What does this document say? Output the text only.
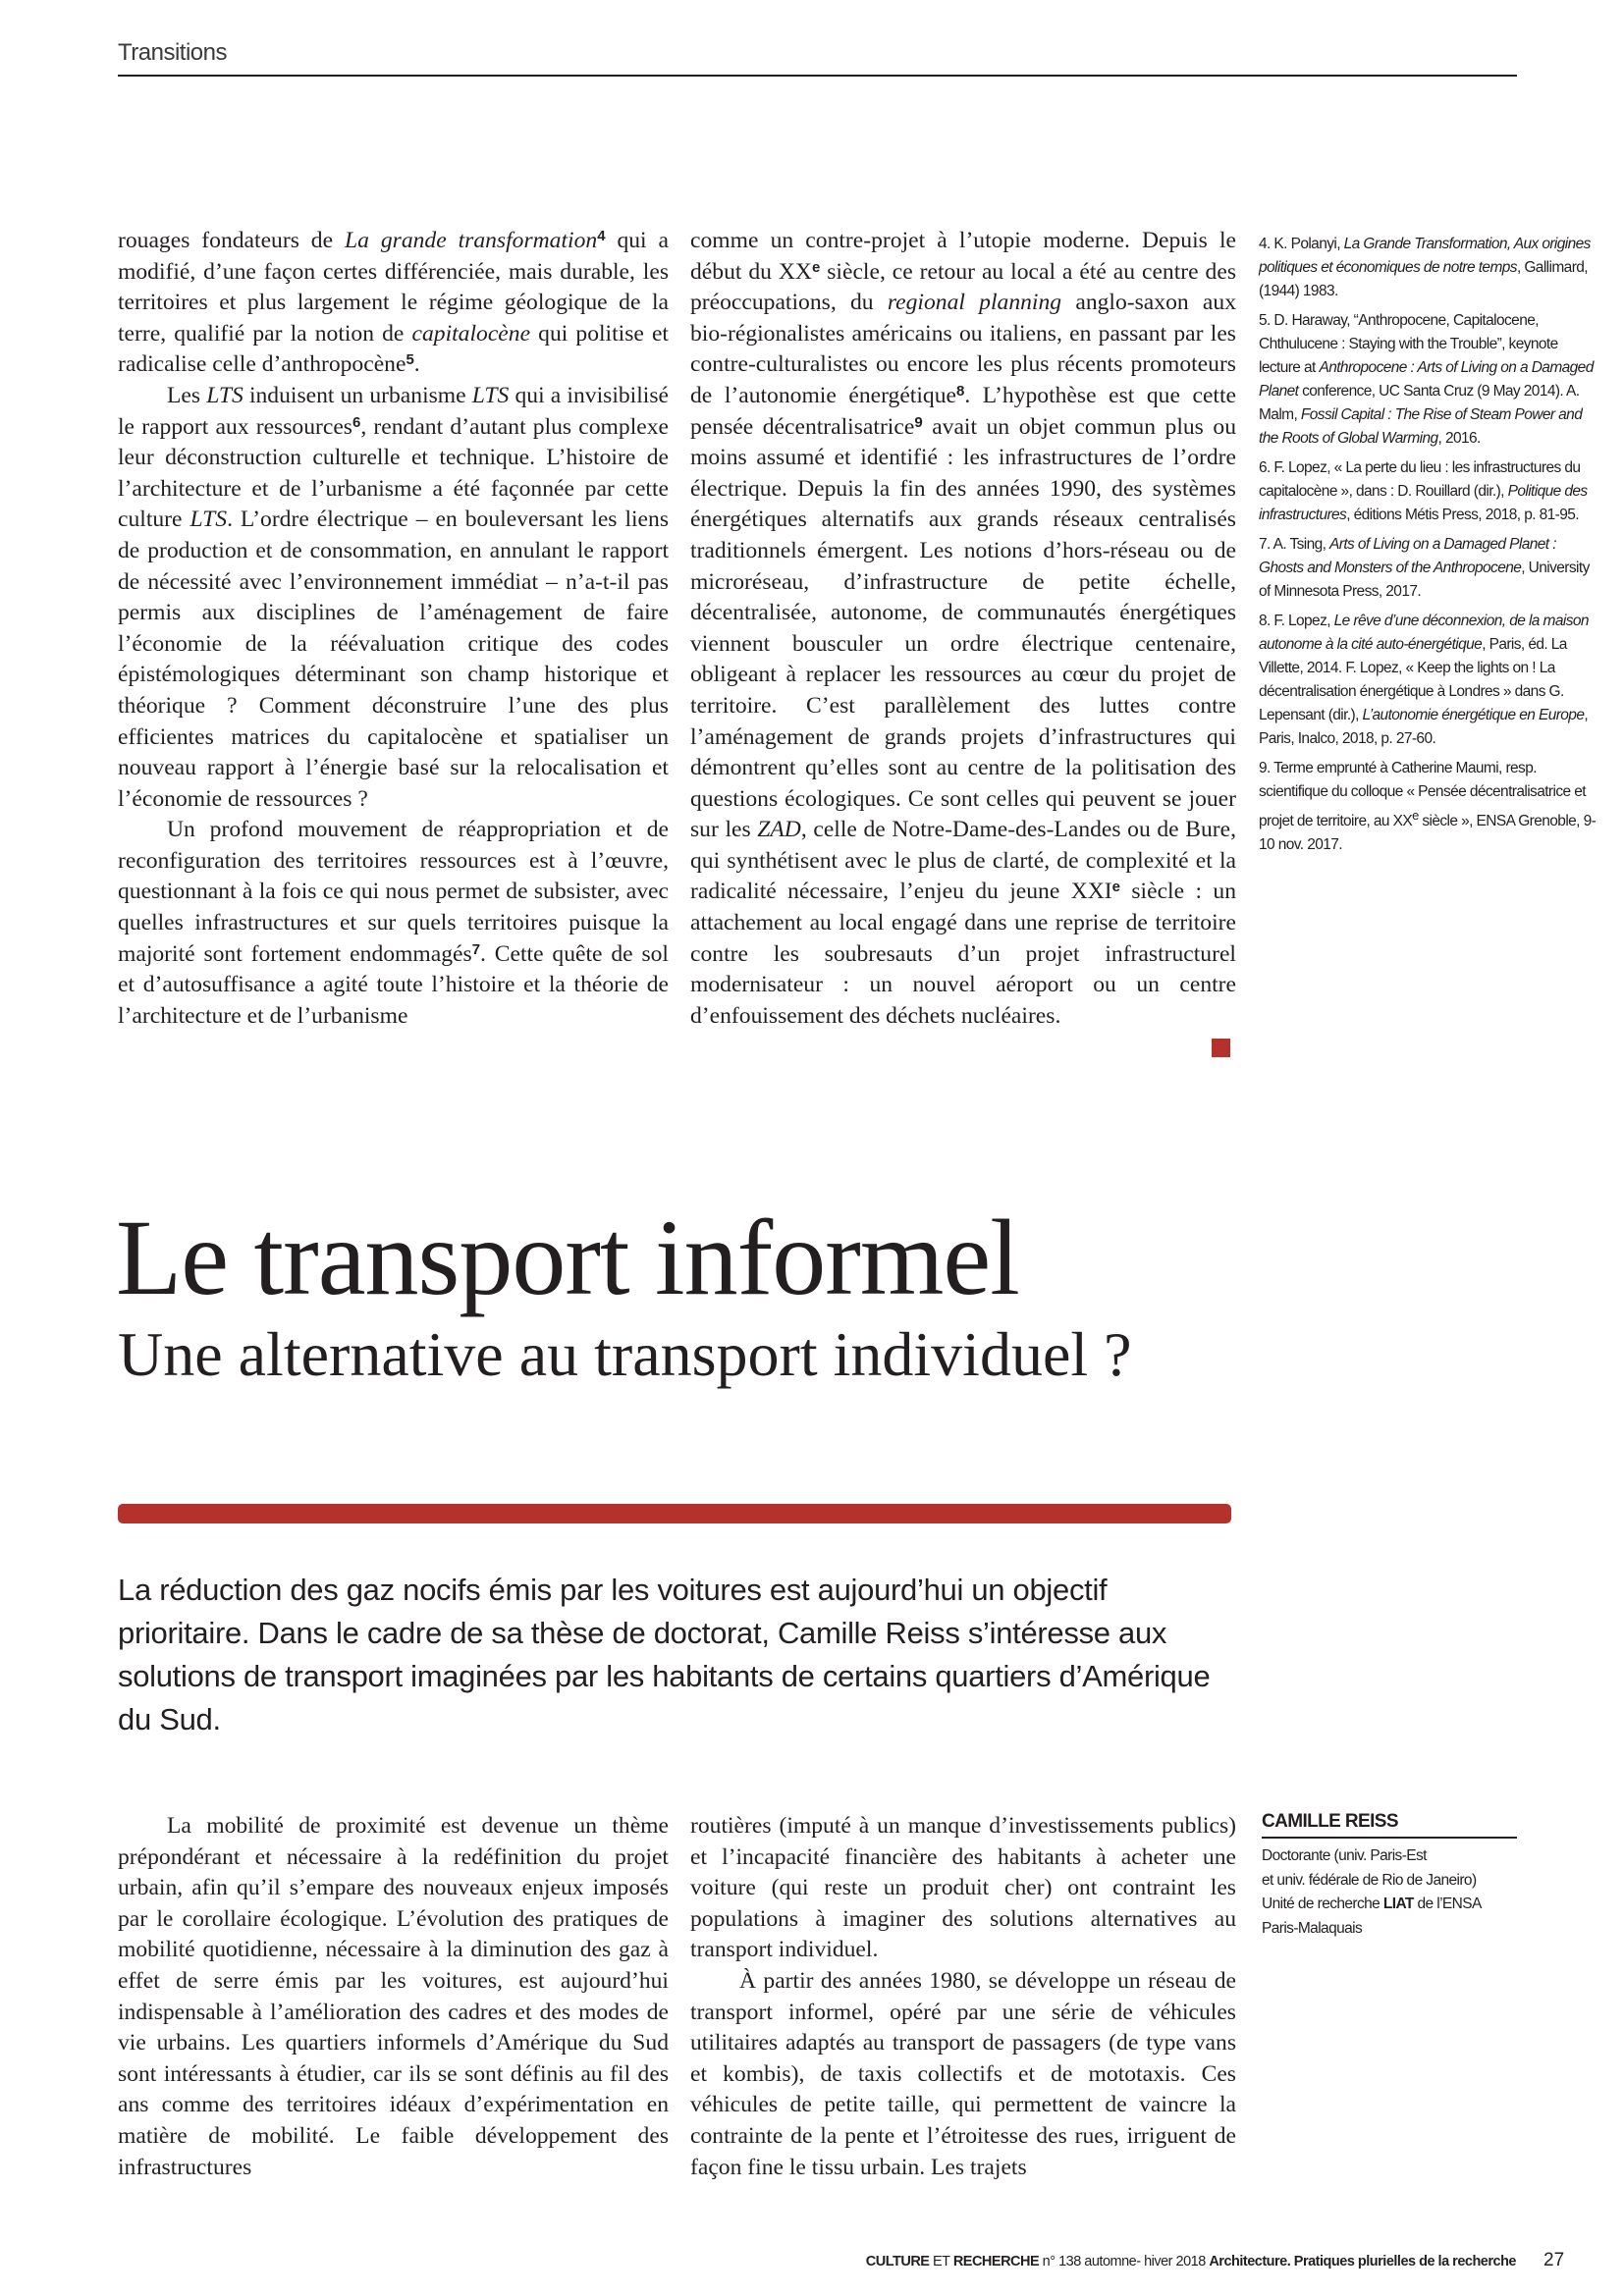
Transitions

rouages fondateurs de La grande transformation$^4$ qui a modifié, d’une façon certes différenciée, mais durable, les territoires et plus largement le régime géologique de la terre, qualifié par la notion de capitalocène qui politise et radicalise celle d’anthropocène$^5$.

Les LTS induisent un urbanisme LTS qui a invisibilisé le rapport aux ressources$^6$, rendant d’autant plus complexe leur déconstruction culturelle et technique. L’histoire de l’architecture et de l’urbanisme a été façonnée par cette culture LTS. L’ordre électrique – en bouleversant les liens de production et de consommation, en annulant le rapport de nécessité avec l’environnement immédiat – n’a-t-il pas permis aux disciplines de l’aménagement de faire l’économie de la réévaluation critique des codes épistémologiques déterminant son champ historique et théorique ? Comment déconstruire l’une des plus efficientes matrices du capitalocène et spatialiser un nouveau rapport à l’énergie basé sur la relocalisation et l’économie de ressources ?

Un profond mouvement de réappropriation et de reconfiguration des territoires ressources est à l’œuvre, questionnant à la fois ce qui nous permet de subsister, avec quelles infrastructures et sur quels territoires puisque la majorité sont fortement endommagés$^7$. Cette quête de sol et d’autosuffisance a agité toute l’histoire et la théorie de l’architecture et de l’urbanisme

comme un contre-projet à l’utopie moderne. Depuis le début du XXe siècle, ce retour au local a été au centre des préoccupations, du regional planning anglo-saxon aux bio-régionalistes américains ou italiens, en passant par les contre-culturalistes ou encore les plus récents promoteurs de l’autonomie énergétique$^8$. L’hypothèse est que cette pensée décentralisatrice$^9$ avait un objet commun plus ou moins assumé et identifié : les infrastructures de l’ordre électrique. Depuis la fin des années 1990, des systèmes énergétiques alternatifs aux grands réseaux centralisés traditionnels émergent. Les notions d’hors-réseau ou de microréseau, d’infrastructure de petite échelle, décentralisée, autonome, de communautés énergétiques viennent bousculer un ordre électrique centenaire, obligeant à replacer les ressources au cœur du projet de territoire. C’est parallèlement des luttes contre l’aménagement de grands projets d’infrastructures qui démontrent qu’elles sont au centre de la politisation des questions écologiques. Ce sont celles qui peuvent se jouer sur les ZAD, celle de Notre-Dame-des-Landes ou de Bure, qui synthétisent avec le plus de clarté, de complexité et la radicalité nécessaire, l’enjeu du jeune XXIe siècle : un attachement au local engagé dans une reprise de territoire contre les soubresauts d’un projet infrastructurel modernisateur : un nouvel aéroport ou un centre d’enfouissement des déchets nucléaires.

4. K. Polanyi, La Grande Transformation, Aux origines politiques et économiques de notre temps, Gallimard, (1944) 1983.
5. D. Haraway, “Anthropocene, Capitalocene, Chthulucene : Staying with the Trouble”, keynote lecture at Anthropocene : Arts of Living on a Damaged Planet conference, UC Santa Cruz (9 May 2014). A. Malm, Fossil Capital : The Rise of Steam Power and the Roots of Global Warming, 2016.
6. F. Lopez, « La perte du lieu : les infrastructures du capitalocène », dans : D. Rouillard (dir.), Politique des infrastructures, éditions Métis Press, 2018, p. 81-95.
7. A. Tsing, Arts of Living on a Damaged Planet : Ghosts and Monsters of the Anthropocene, University of Minnesota Press, 2017.
8. F. Lopez, Le rêve d’une déconnexion, de la maison autonome à la cité auto-énergétique, Paris, éd. La Villette, 2014. F. Lopez, « Keep the lights on ! La décentralisation énergétique à Londres » dans G. Lepensant (dir.), L’autonomie énergétique en Europe, Paris, Inalco, 2018, p. 27-60.
9. Terme emprunté à Catherine Maumi, resp. scientifique du colloque « Pensée décentralisatrice et projet de territoire, au XXe siècle », ENSA Grenoble, 9-10 nov. 2017.
Le transport informel
Une alternative au transport individuel ?
La réduction des gaz nocifs émis par les voitures est aujourd’hui un objectif prioritaire. Dans le cadre de sa thèse de doctorat, Camille Reiss s’intéresse aux solutions de transport imaginées par les habitants de certains quartiers d’Amérique du Sud.

La mobilité de proximité est devenue un thème prépondérant et nécessaire à la redéfinition du projet urbain, afin qu’il s’empare des nouveaux enjeux imposés par le corollaire écologique. L’évolution des pratiques de mobilité quotidienne, nécessaire à la diminution des gaz à effet de serre émis par les voitures, est aujourd’hui indispensable à l’amélioration des cadres et des modes de vie urbains. Les quartiers informels d’Amérique du Sud sont intéressants à étudier, car ils se sont définis au fil des ans comme des territoires idéaux d’expérimentation en matière de mobilité. Le faible développement des infrastructures

routières (imputé à un manque d’investissements publics) et l’incapacité financière des habitants à acheter une voiture (qui reste un produit cher) ont contraint les populations à imaginer des solutions alternatives au transport individuel.

À partir des années 1980, se développe un réseau de transport informel, opéré par une série de véhicules utilitaires adaptés au transport de passagers (de type vans et kombis), de taxis collectifs et de mototaxis. Ces véhicules de petite taille, qui permettent de vaincre la contrainte de la pente et l’étroitesse des rues, irriguent de façon fine le tissu urbain. Les trajets

CAMILLE REISS
Doctorante (univ. Paris-Est
et univ. fédérale de Rio de Janeiro)
Unité de recherche LIAT de l’ENSA
Paris-Malaquais
CULTURE ET RECHERCHE n° 138 automne- hiver 2018 Architecture. Pratiques plurielles de la recherche 27
